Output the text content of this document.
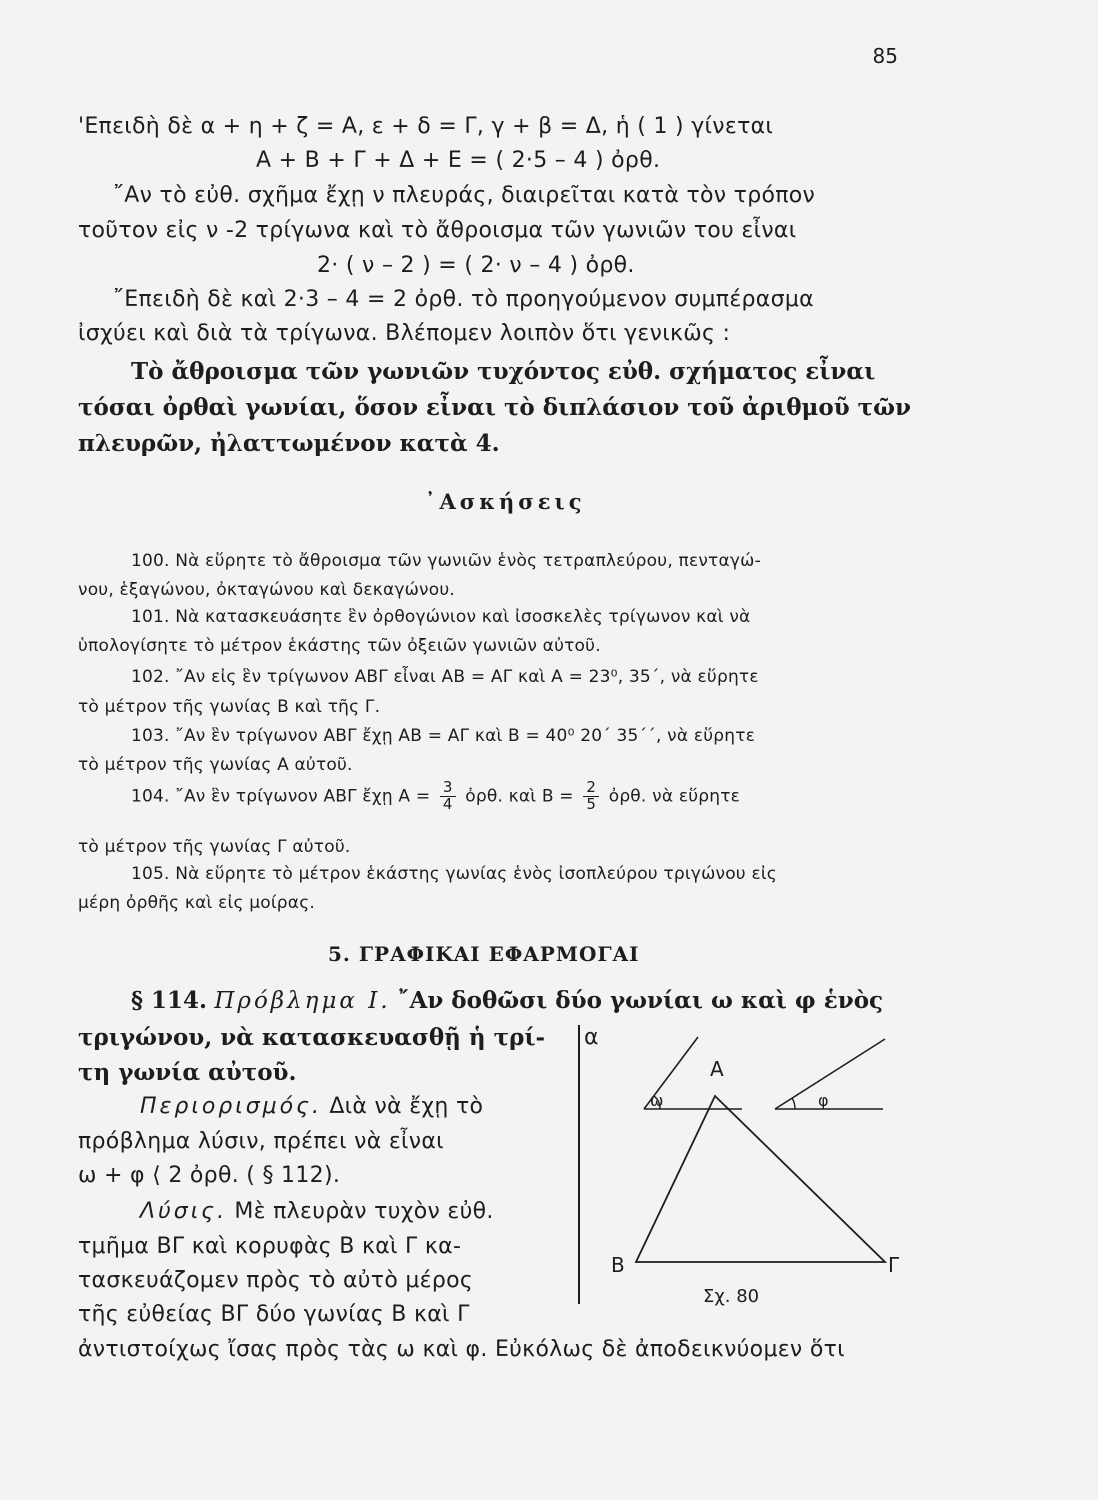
85
'Επειδὴ δὲ α + η + ζ = Α, ε + δ = Γ, γ + β = Δ, ἡ ( 1 ) γίνεται
Α + Β + Γ + Δ + Ε = ( 2·5 – 4 ) ὀρθ.
῎Αν τὸ εὐθ. σχῆμα ἔχῃ ν πλευράς, διαιρεῖται κατὰ τὸν τρόπον
τοῦτον εἰς ν -2 τρίγωνα καὶ τὸ ἄθροισμα τῶν γωνιῶν του εἶναι
2· ( ν – 2 ) = ( 2· ν – 4 ) ὀρθ.
῎Επειδὴ δὲ καὶ 2·3 – 4 = 2 ὀρθ. τὸ προηγούμενον συμπέρασμα
ἰσχύει καὶ διὰ τὰ τρίγωνα. Βλέπομεν λοιπὸν ὅτι γενικῶς :
Τὸ ἄθροισμα τῶν γωνιῶν τυχόντος εὐθ. σχήματος εἶναι
τόσαι ὀρθαὶ γωνίαι, ὅσον εἶναι τὸ διπλάσιον τοῦ ἀριθμοῦ τῶν
πλευρῶν, ἠλαττωμένον κατὰ 4.
᾿Ασκήσεις
100. Νὰ εὕρητε τὸ ἄθροισμα τῶν γωνιῶν ἑνὸς τετραπλεύρου, πενταγώ-
νου, ἑξαγώνου, ὀκταγώνου καὶ δεκαγώνου.
101. Νὰ κατασκευάσητε ἓν ὀρθογώνιον καὶ ἰσοσκελὲς τρίγωνον καὶ νὰ
ὑπολογίσητε τὸ μέτρον ἑκάστης τῶν ὀξειῶν γωνιῶν αὐτοῦ.
102. ῎Αν εἰς ἓν τρίγωνον ΑΒΓ εἶναι ΑΒ = ΑΓ καὶ Α = 23⁰, 35΄, νὰ εὕρητε
τὸ μέτρον τῆς γωνίας Β καὶ τῆς Γ.
103. ῎Αν ἓν τρίγωνον ΑΒΓ ἔχῃ ΑΒ = ΑΓ καὶ Β = 40⁰ 20΄ 35΄΄, νὰ εὕρητε
τὸ μέτρον τῆς γωνίας Α αὐτοῦ.
104. ῎Αν ἓν τρίγωνον ΑΒΓ ἔχῃ $A = \frac{3}{4}$ ὀρθ. καὶ $B = \frac{2}{5}$ ὀρθ. νὰ εὕρητε
τὸ μέτρον τῆς γωνίας Γ αὐτοῦ.
105. Νὰ εὕρητε τὸ μέτρον ἑκάστης γωνίας ἑνὸς ἰσοπλεύρου τριγώνου εἰς
μέρη ὀρθῆς καὶ εἰς μοίρας.
5. ΓΡΑΦΙΚΑΙ ΕΦΑΡΜΟΓΑΙ
§ 114. Πρόβλημα Ι. ῎Αν δοθῶσι δύο γωνίαι ω καὶ φ ἑνὸς
τριγώνου, νὰ κατασκευασθῇ ἡ τρί-
τη γωνία αὐτοῦ.
Περιορισμός. Διὰ νὰ ἔχῃ τὸ
πρόβλημα λύσιν, πρέπει νὰ εἶναι
ω + φ ⟨ 2 ὀρθ. ( § 112).
Λύσις. Μὲ πλευρὰν τυχὸν εὐθ.
τμῆμα ΒΓ καὶ κορυφὰς Β καὶ Γ κα-
τασκευάζομεν πρὸς τὸ αὐτὸ μέρος
τῆς εὐθείας ΒΓ δύο γωνίας Β καὶ Γ
ἀντιστοίχως ἴσας πρὸς τὰς ω καὶ φ. Εὐκόλως δὲ ἀποδεικνύομεν ὅτι
α
ω	φ
Α
Β	Γ
Σχ. 80
